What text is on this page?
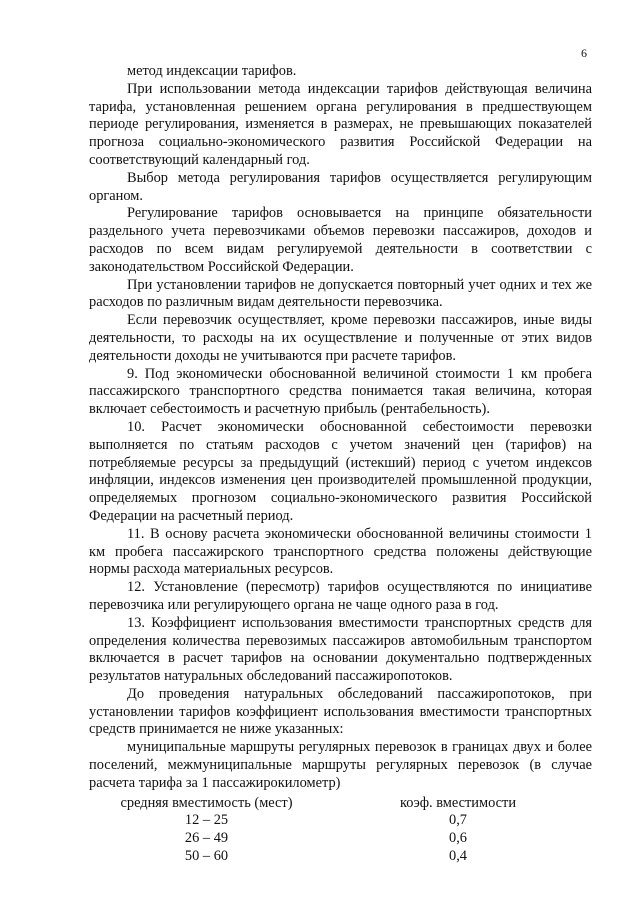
6

метод индексации тарифов.

При использовании метода индексации тарифов действующая величина тарифа, установленная решением органа регулирования в предшествующем периоде регулирования, изменяется в размерах, не превышающих показателей прогноза социально-экономического развития Российской Федерации на соответствующий календарный год.

Выбор метода регулирования тарифов осуществляется регулирующим органом.

Регулирование тарифов основывается на принципе обязательности раздельного учета перевозчиками объемов перевозки пассажиров, доходов и расходов по всем видам регулируемой деятельности в соответствии с законодательством Российской Федерации.

При установлении тарифов не допускается повторный учет одних и тех же расходов по различным видам деятельности перевозчика.

Если перевозчик осуществляет, кроме перевозки пассажиров, иные виды деятельности, то расходы на их осуществление и полученные от этих видов деятельности доходы не учитываются при расчете тарифов.

9. Под экономически обоснованной величиной стоимости 1 км пробега пассажирского транспортного средства понимается такая величина, которая включает себестоимость и расчетную прибыль (рентабельность).

10. Расчет экономически обоснованной себестоимости перевозки выполняется по статьям расходов с учетом значений цен (тарифов) на потребляемые ресурсы за предыдущий (истекший) период с учетом индексов инфляции, индексов изменения цен производителей промышленной продукции, определяемых прогнозом социально-экономического развития Российской Федерации на расчетный период.

11. В основу расчета экономически обоснованной величины стоимости 1 км пробега пассажирского транспортного средства положены действующие нормы расхода материальных ресурсов.

12. Установление (пересмотр) тарифов осуществляются по инициативе перевозчика или регулирующего органа не чаще одного раза в год.

13. Коэффициент использования вместимости транспортных средств для определения количества перевозимых пассажиров автомобильным транспортом включается в расчет тарифов на основании документально подтвержденных результатов натуральных обследований пассажиропотоков.

До проведения натуральных обследований пассажиропотоков, при установлении тарифов коэффициент использования вместимости транспортных средств принимается не ниже указанных:

муниципальные маршруты регулярных перевозок в границах двух и более поселений, межмуниципальные маршруты регулярных перевозок (в случае расчета тарифа за 1 пассажирокилометр)

средняя вместимость (мест)	коэф. вместимости
12 – 25	0,7
26 – 49	0,6
50 – 60	0,4
